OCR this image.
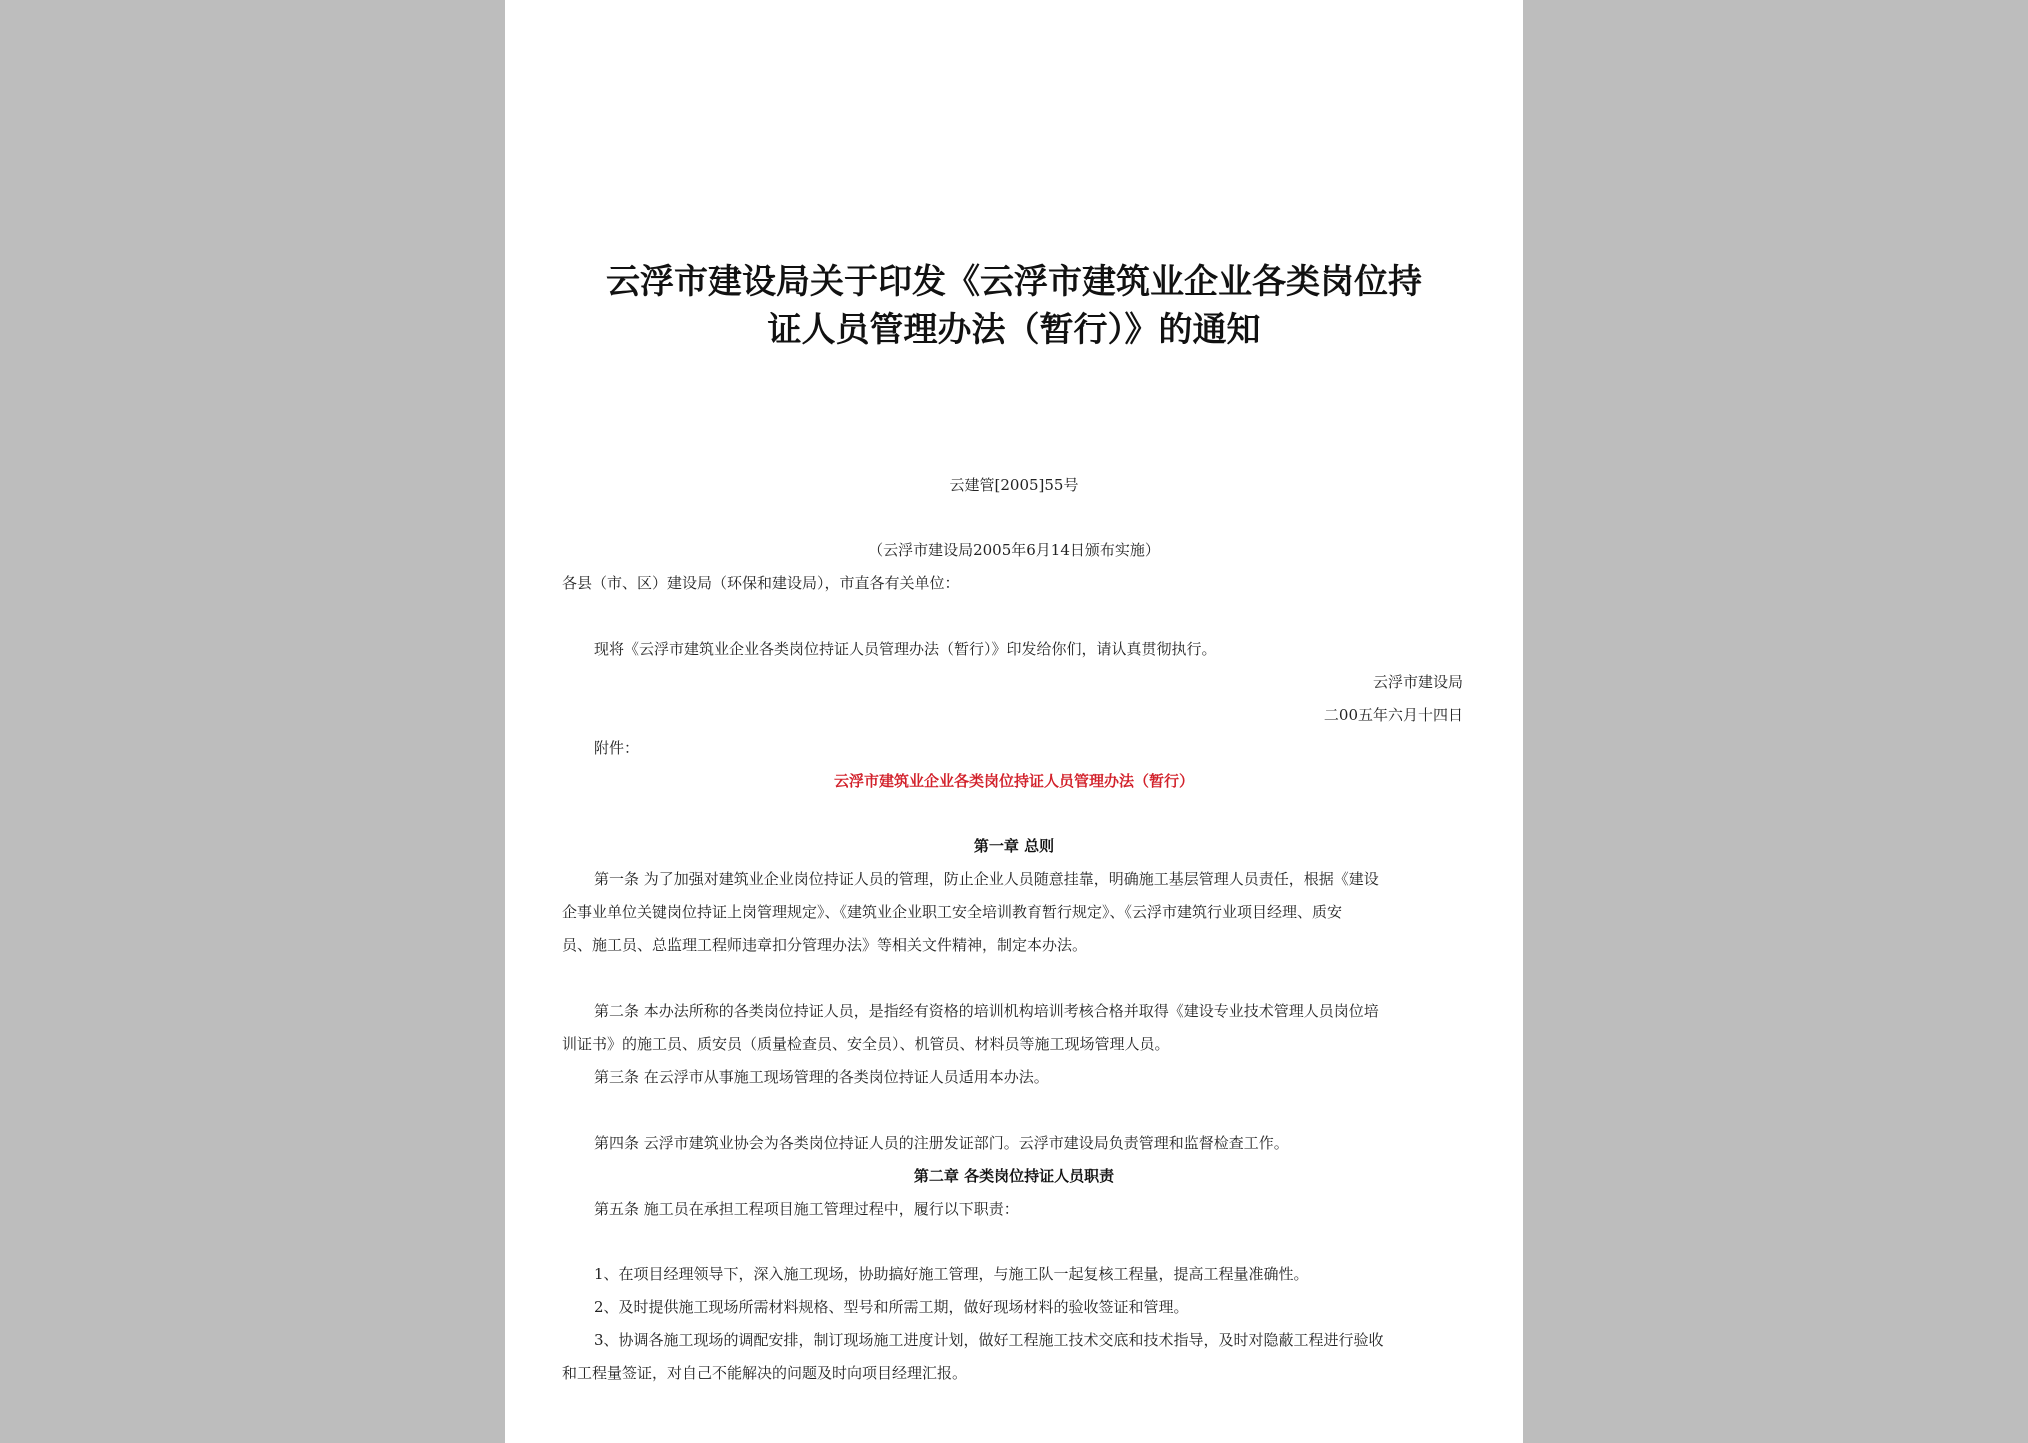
云浮市建设局关于印发《云浮市建筑业企业各类岗位持
证人员管理办法（暂行）》的通知

云建管[2005]55号

（云浮市建设局2005年6月14日颁布实施）

各县（市、区）建设局（环保和建设局），市直各有关单位：

现将《云浮市建筑业企业各类岗位持证人员管理办法（暂行）》印发给你们，请认真贯彻执行。

云浮市建设局

二00五年六月十四日

附件：

云浮市建筑业企业各类岗位持证人员管理办法（暂行）

第一章 总则

第一条 为了加强对建筑业企业岗位持证人员的管理，防止企业人员随意挂靠，明确施工基层管理人员责任，根据《建设

企事业单位关键岗位持证上岗管理规定》、《建筑业企业职工安全培训教育暂行规定》、《云浮市建筑行业项目经理、质安

员、施工员、总监理工程师违章扣分管理办法》等相关文件精神，制定本办法。

第二条 本办法所称的各类岗位持证人员，是指经有资格的培训机构培训考核合格并取得《建设专业技术管理人员岗位培

训证书》的施工员、质安员（质量检查员、安全员）、机管员、材料员等施工现场管理人员。

第三条 在云浮市从事施工现场管理的各类岗位持证人员适用本办法。

第四条 云浮市建筑业协会为各类岗位持证人员的注册发证部门。云浮市建设局负责管理和监督检查工作。

第二章 各类岗位持证人员职责

第五条 施工员在承担工程项目施工管理过程中，履行以下职责：

1、在项目经理领导下，深入施工现场，协助搞好施工管理，与施工队一起复核工程量，提高工程量准确性。

2、及时提供施工现场所需材料规格、型号和所需工期，做好现场材料的验收签证和管理。

3、协调各施工现场的调配安排，制订现场施工进度计划，做好工程施工技术交底和技术指导，及时对隐蔽工程进行验收

和工程量签证，对自己不能解决的问题及时向项目经理汇报。
